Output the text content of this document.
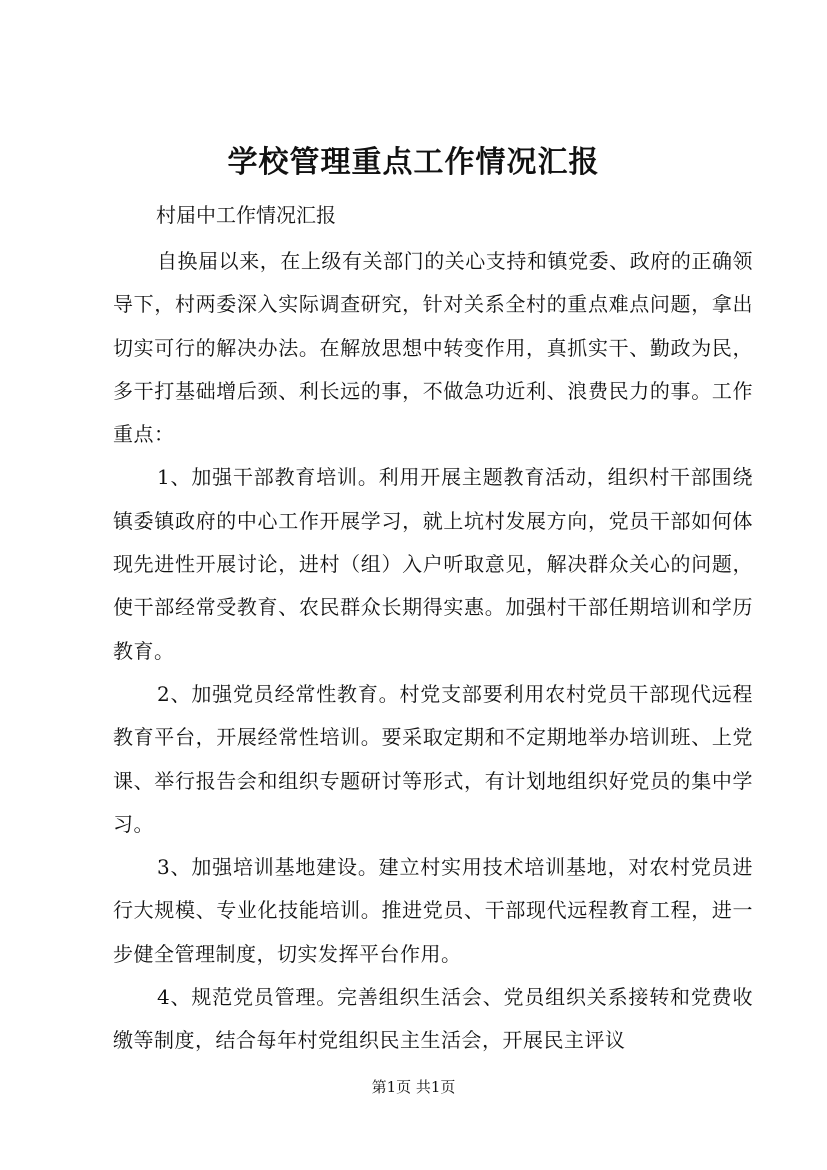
学校管理重点工作情况汇报
村届中工作情况汇报

自换届以来，在上级有关部门的关心支持和镇党委、政府的正确领导下，村两委深入实际调查研究，针对关系全村的重点难点问题，拿出切实可行的解决办法。在解放思想中转变作用，真抓实干、勤政为民，多干打基础增后颈、利长远的事，不做急功近利、浪费民力的事。工作重点：

1、加强干部教育培训。利用开展主题教育活动，组织村干部围绕镇委镇政府的中心工作开展学习，就上坑村发展方向，党员干部如何体现先进性开展讨论，进村（组）入户听取意见，解决群众关心的问题，使干部经常受教育、农民群众长期得实惠。加强村干部任期培训和学历教育。

2、加强党员经常性教育。村党支部要利用农村党员干部现代远程教育平台，开展经常性培训。要采取定期和不定期地举办培训班、上党课、举行报告会和组织专题研讨等形式，有计划地组织好党员的集中学习。

3、加强培训基地建设。建立村实用技术培训基地，对农村党员进行大规模、专业化技能培训。推进党员、干部现代远程教育工程，进一步健全管理制度，切实发挥平台作用。

4、规范党员管理。完善组织生活会、党员组织关系接转和党费收缴等制度，结合每年村党组织民主生活会，开展民主评议

第1页 共1页
